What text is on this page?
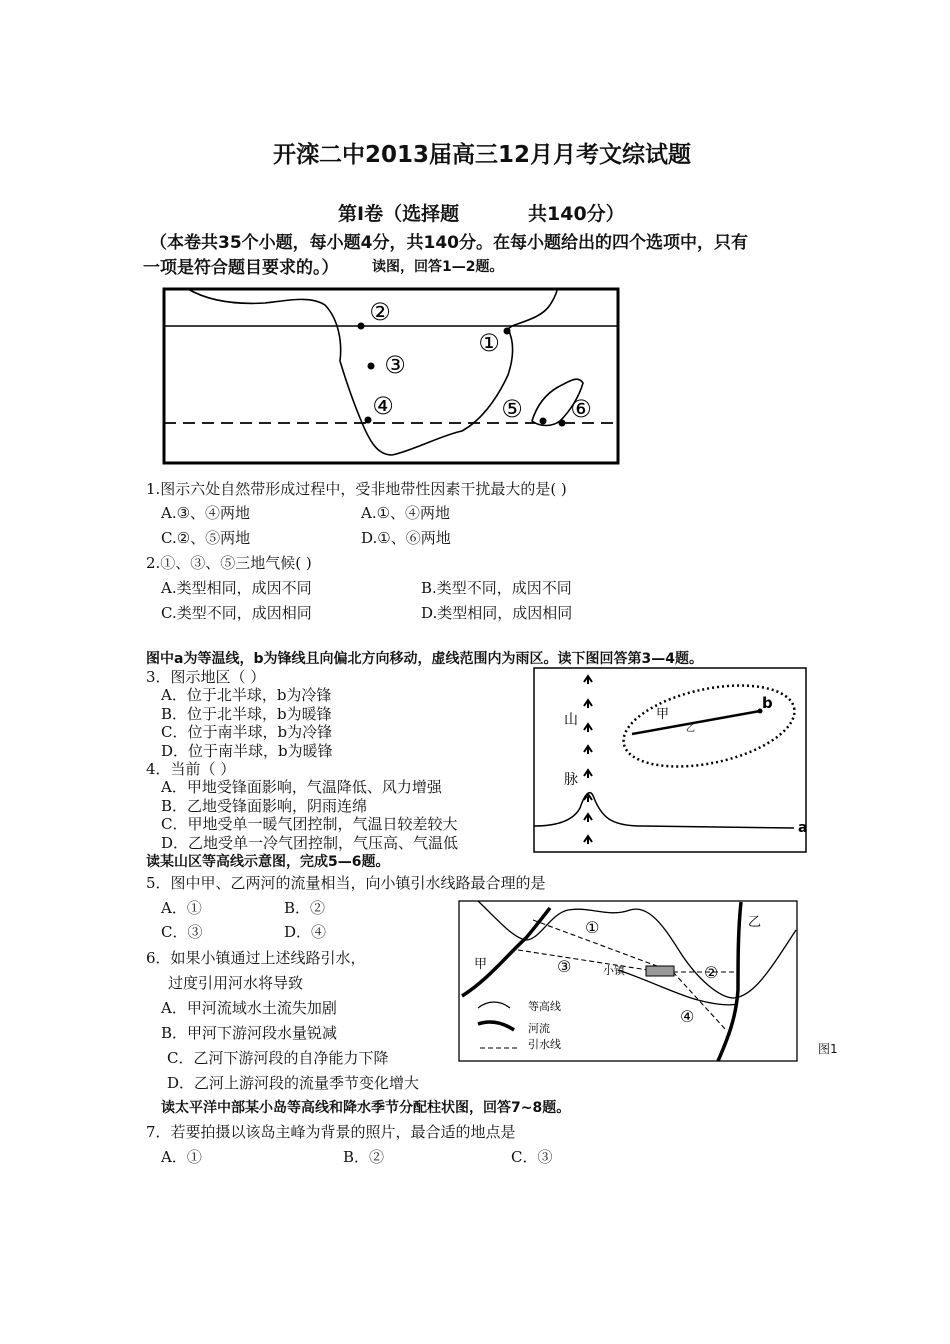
开滦二中2013届高三12月月考文综试题
第Ⅰ卷（选择题	共140分）
（本卷共35个小题，每小题4分，共140分。在每小题给出的四个选项中，只有
一项是符合题目要求的。） 读图，回答1—2题。
①
②
③
④	⑤ ⑥
1.图示六处自然带形成过程中，受非地带性因素干扰最大的是( )
A.③、④两地	A.①、④两地
C.②、⑤两地	D.①、⑥两地
2.①、③、⑤三地气候( )
A.类型相同，成因不同	B.类型不同，成因不同
C.类型不同，成因相同	D.类型相同，成因相同
图中a为等温线，b为锋线且向偏北方向移动，虚线范围内为雨区。读下图回答第3—4题。
3．图示地区（ ）
A．位于北半球，b为冷锋
B．位于北半球，b为暖锋
C．位于南半球，b为冷锋
D．位于南半球，b为暖锋
4．当前（ ）
A．甲地受锋面影响，气温降低、风力增强
B．乙地受锋面影响，阴雨连绵
C．甲地受单一暖气团控制，气温日较差较大
D．乙地受单一冷气团控制，气压高、气温低
山
脉
b
甲
乙
a
读某山区等高线示意图，完成5—6题。
5．图中甲、乙两河的流量相当，向小镇引水线路最合理的是
A．①	B．②
C．③	D．④
6．如果小镇通过上述线路引水，
过度引用河水将导致
A．甲河流域水土流失加剧
B．甲河下游河段水量锐减
C．乙河下游河段的自净能力下降
D．乙河上游河段的流量季节变化增大
甲
乙
小镇
①
②
③
④
等高线
河流
引水线	图1
读太平洋中部某小岛等高线和降水季节分配柱状图，回答7~8题。
7．若要拍摄以该岛主峰为背景的照片，最合适的地点是
A．①	B．②	C．③
